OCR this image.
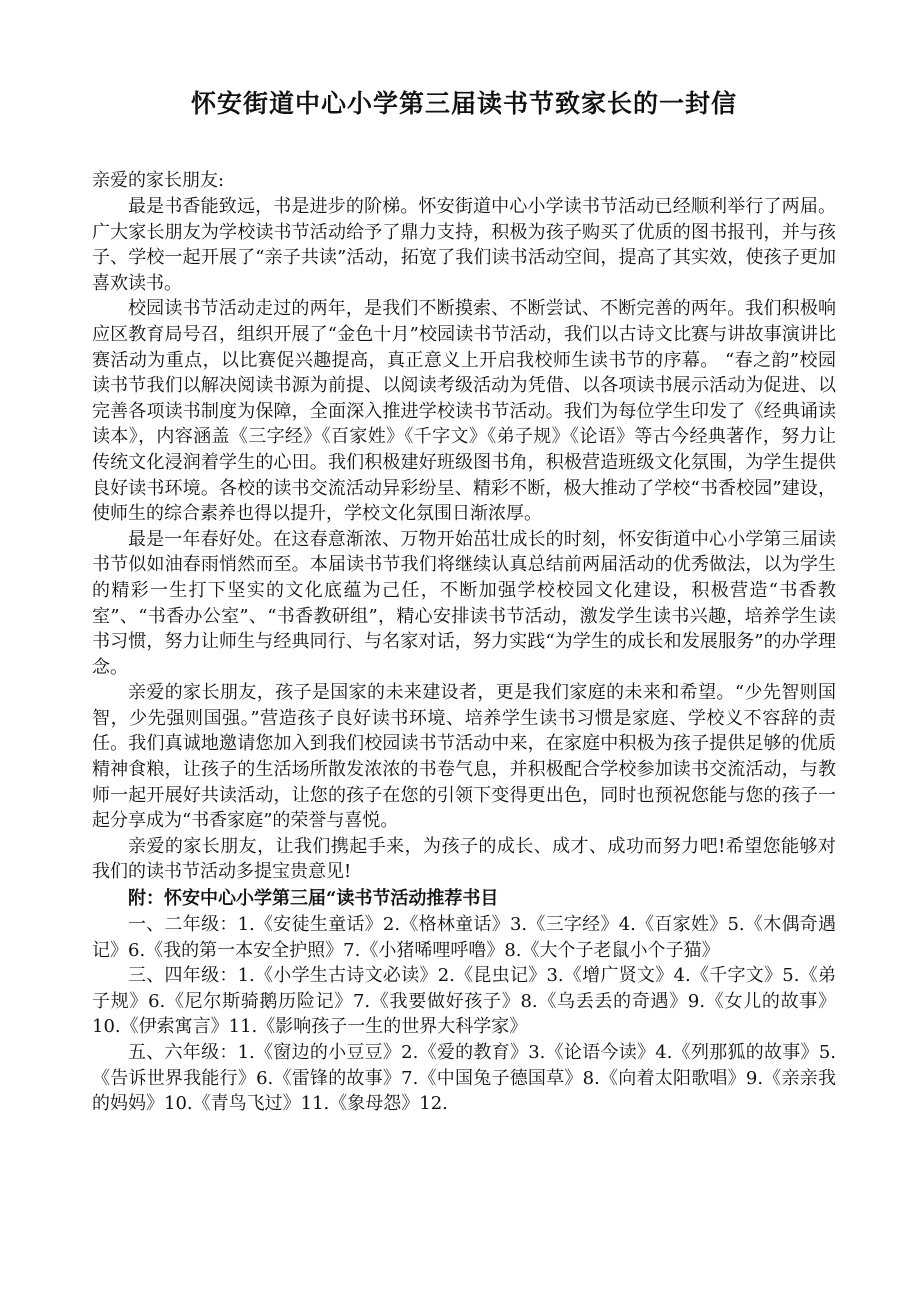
怀安街道中心小学第三届读书节致家长的一封信

亲爱的家长朋友:

最是书香能致远，书是进步的阶梯。怀安街道中心小学读书节活动已经顺利举行了两届。广大家长朋友为学校读书节活动给予了鼎力支持，积极为孩子购买了优质的图书报刊，并与孩子、学校一起开展了“亲子共读”活动，拓宽了我们读书活动空间，提高了其实效，使孩子更加喜欢读书。

校园读书节活动走过的两年，是我们不断摸索、不断尝试、不断完善的两年。我们积极响应区教育局号召，组织开展了“金色十月”校园读书节活动，我们以古诗文比赛与讲故事演讲比赛活动为重点，以比赛促兴趣提高，真正意义上开启我校师生读书节的序幕。 “春之韵”校园读书节我们以解决阅读书源为前提、以阅读考级活动为凭借、以各项读书展示活动为促进、以完善各项读书制度为保障，全面深入推进学校读书节活动。我们为每位学生印发了《经典诵读读本》，内容涵盖《三字经》《百家姓》《千字文》《弟子规》《论语》等古今经典著作，努力让传统文化浸润着学生的心田。我们积极建好班级图书角，积极营造班级文化氛围，为学生提供良好读书环境。各校的读书交流活动异彩纷呈、精彩不断，极大推动了学校“书香校园”建设，使师生的综合素养也得以提升，学校文化氛围日渐浓厚。

最是一年春好处。在这春意渐浓、万物开始茁壮成长的时刻，怀安街道中心小学第三届读书节似如油春雨悄然而至。本届读书节我们将继续认真总结前两届活动的优秀做法，以为学生的精彩一生打下坚实的文化底蕴为己任，不断加强学校校园文化建设，积极营造“书香教室”、“书香办公室”、“书香教研组”，精心安排读书节活动，激发学生读书兴趣，培养学生读书习惯，努力让师生与经典同行、与名家对话，努力实践“为学生的成长和发展服务”的办学理念。

亲爱的家长朋友，孩子是国家的未来建设者，更是我们家庭的未来和希望。“少先智则国智，少先强则国强。”营造孩子良好读书环境、培养学生读书习惯是家庭、学校义不容辞的责任。我们真诚地邀请您加入到我们校园读书节活动中来，在家庭中积极为孩子提供足够的优质精神食粮，让孩子的生活场所散发浓浓的书卷气息，并积极配合学校参加读书交流活动，与教师一起开展好共读活动，让您的孩子在您的引领下变得更出色，同时也预祝您能与您的孩子一起分享成为“书香家庭”的荣誉与喜悦。

亲爱的家长朋友，让我们携起手来，为孩子的成长、成才、成功而努力吧!希望您能够对我们的读书节活动多提宝贵意见!

附：怀安中心小学第三届“读书节活动推荐书目

一、二年级：1.《安徒生童话》2.《格林童话》3.《三字经》4.《百家姓》5.《木偶奇遇记》6.《我的第一本安全护照》7.《小猪唏哩呼噜》8.《大个子老鼠小个子猫》

三、四年级：1.《小学生古诗文必读》2.《昆虫记》3.《增广贤文》4.《千字文》5.《弟子规》6.《尼尔斯骑鹅历险记》7.《我要做好孩子》8.《乌丢丢的奇遇》9.《女儿的故事》10.《伊索寓言》11.《影响孩子一生的世界大科学家》

五、六年级：1.《窗边的小豆豆》2.《爱的教育》3.《论语今读》4.《列那狐的故事》5.《告诉世界我能行》6.《雷锋的故事》7.《中国兔子德国草》8.《向着太阳歌唱》9.《亲亲我的妈妈》10.《青鸟飞过》11.《象母怨》12.
